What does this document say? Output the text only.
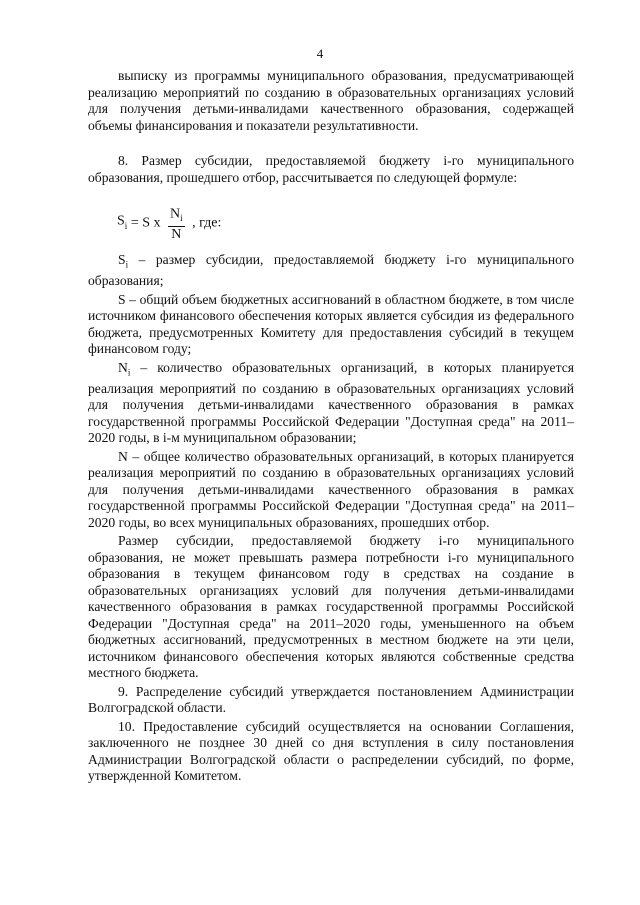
4

выписку из программы муниципального образования, предусматривающей реализацию мероприятий по созданию в образовательных организациях условий для получения детьми-инвалидами качественного образования, содержащей объемы финансирования и показатели результативности.

8. Размер субсидии, предоставляемой бюджету i-го муниципального образования, прошедшего отбор, рассчитывается по следующей формуле:

$S_i = S$ x $\frac{N_i}{N}$ , где:

$S_i$ – размер субсидии, предоставляемой бюджету i-го муниципального образования;

S – общий объем бюджетных ассигнований в областном бюджете, в том числе источником финансового обеспечения которых является субсидия из федерального бюджета, предусмотренных Комитету для предоставления субсидий в текущем финансовом году;

$N_i$ – количество образовательных организаций, в которых планируется реализация мероприятий по созданию в образовательных организациях условий для получения детьми-инвалидами качественного образования в рамках государственной программы Российской Федерации "Доступная среда" на 2011–2020 годы, в i-м муниципальном образовании;

N – общее количество образовательных организаций, в которых планируется реализация мероприятий по созданию в образовательных организациях условий для получения детьми-инвалидами качественного образования в рамках государственной программы Российской Федерации "Доступная среда" на 2011–2020 годы, во всех муниципальных образованиях, прошедших отбор.

Размер субсидии, предоставляемой бюджету i-го муниципального образования, не может превышать размера потребности i-го муниципального образования в текущем финансовом году в средствах на создание в образовательных организациях условий для получения детьми-инвалидами качественного образования в рамках государственной программы Российской Федерации "Доступная среда" на 2011–2020 годы, уменьшенного на объем бюджетных ассигнований, предусмотренных в местном бюджете на эти цели, источником финансового обеспечения которых являются собственные средства местного бюджета.

9. Распределение субсидий утверждается постановлением Администрации Волгоградской области.

10. Предоставление субсидий осуществляется на основании Соглашения, заключенного не позднее 30 дней со дня вступления в силу постановления Администрации Волгоградской области о распределении субсидий, по форме, утвержденной Комитетом.
